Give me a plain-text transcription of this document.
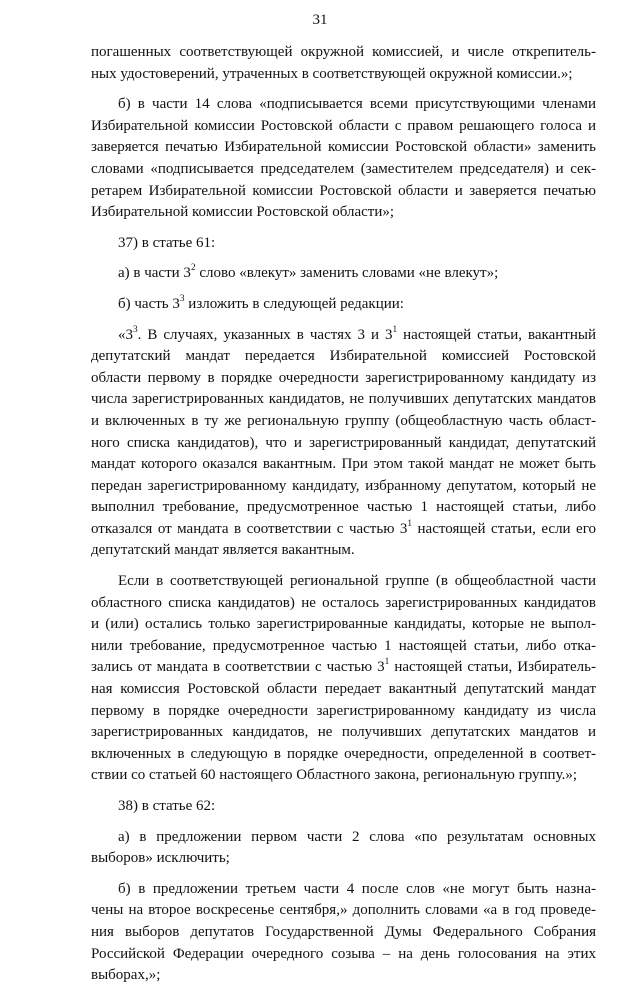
31
погашенных соответствующей окружной комиссией, и числе открепитель-
ных удостоверений, утраченных в соответствующей окружной комиссии.»;
б) в части 14 слова «подписывается всеми присутствующими членами
Избирательной комиссии Ростовской области с правом решающего голоса и
заверяется печатью Избирательной комиссии Ростовской области» заменить
словами «подписывается председателем (заместителем председателя) и сек-
ретарем Избирательной комиссии Ростовской области и заверяется печатью
Избирательной комиссии Ростовской области»;
37) в статье 61:
а) в части $3^2$ слово «влекут» заменить словами «не влекут»;
б) часть $3^3$ изложить в следующей редакции:
«$3^3$. В случаях, указанных в частях 3 и $3^1$ настоящей статьи, вакантный
депутатский мандат передается Избирательной комиссией Ростовской
области первому в порядке очередности зарегистрированному кандидату из
числа зарегистрированных кандидатов, не получивших депутатских мандатов
и включенных в ту же региональную группу (общеобластную часть област-
ного списка кандидатов), что и зарегистрированный кандидат, депутатский
мандат которого оказался вакантным. При этом такой мандат не может быть
передан зарегистрированному кандидату, избранному депутатом, который не
выполнил требование, предусмотренное частью 1 настоящей статьи, либо
отказался от мандата в соответствии с частью $3^1$ настоящей статьи, если его
депутатский мандат является вакантным.
Если в соответствующей региональной группе (в общеобластной части
областного списка кандидатов) не осталось зарегистрированных кандидатов
и (или) остались только зарегистрированные кандидаты, которые не выпол-
нили требование, предусмотренное частью 1 настоящей статьи, либо отка-
зались от мандата в соответствии с частью $3^1$ настоящей статьи, Избиратель-
ная комиссия Ростовской области передает вакантный депутатский мандат
первому в порядке очередности зарегистрированному кандидату из числа
зарегистрированных кандидатов, не получивших депутатских мандатов и
включенных в следующую в порядке очередности, определенной в соответ-
ствии со статьей 60 настоящего Областного закона, региональную группу.»;
38) в статье 62:
а) в предложении первом части 2 слова «по результатам основных
выборов» исключить;
б) в предложении третьем части 4 после слов «не могут быть назна-
чены на второе воскресенье сентября,» дополнить словами «а в год проведе-
ния выборов депутатов Государственной Думы Федерального Собрания
Российской Федерации очередного созыва – на день голосования на этих
выборах,»;
